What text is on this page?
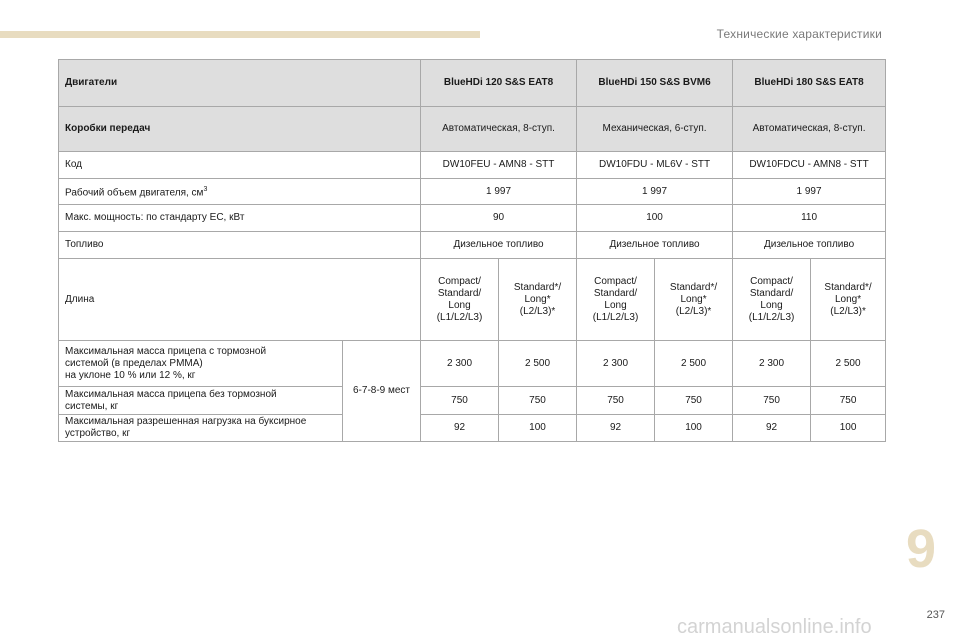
Технические характеристики
Двигатели		BlueHDi 120 S&S EAT8		BlueHDi 150 S&S BVM6		BlueHDi 180 S&S EAT8	
Коробки передач		Автоматическая, 8-ступ.		Механическая, 6-ступ.		Автоматическая, 8-ступ.	
Код		DW10FEU - AMN8 - STT		DW10FDU - ML6V - STT		DW10FDCU - AMN8 - STT	
Рабочий объем двигателя, $см^3$		1 997		1 997		1 997	
Макс. мощность: по стандарту ЕС, кВт		90		100		110	
Топливо		Дизельное топливо		Дизельное топливо		Дизельное топливо	
Длина		Compact/
Standard/
Long
(L1/L2/L3)	Standard*/
Long*
(L2/L3)*	Compact/
Standard/
Long
(L1/L2/L3)	Standard*/
Long*
(L2/L3)*	Compact/
Standard/
Long
(L1/L2/L3)	Standard*/
Long*
(L2/L3)*
Максимальная масса прицепа с тормозной
системой (в пределах PMMA)
на уклоне 10 % или 12 %, кг	6-7-8-9 мест	2 300	2 500	2 300	2 500	2 300	2 500
Максимальная масса прицепа без тормозной
системы, кг		750	750	750	750	750	750
Максимальная разрешенная нагрузка на буксирное
устройство, кг		92	100	92	100	92	100
9
237
carmanualsonline.info
